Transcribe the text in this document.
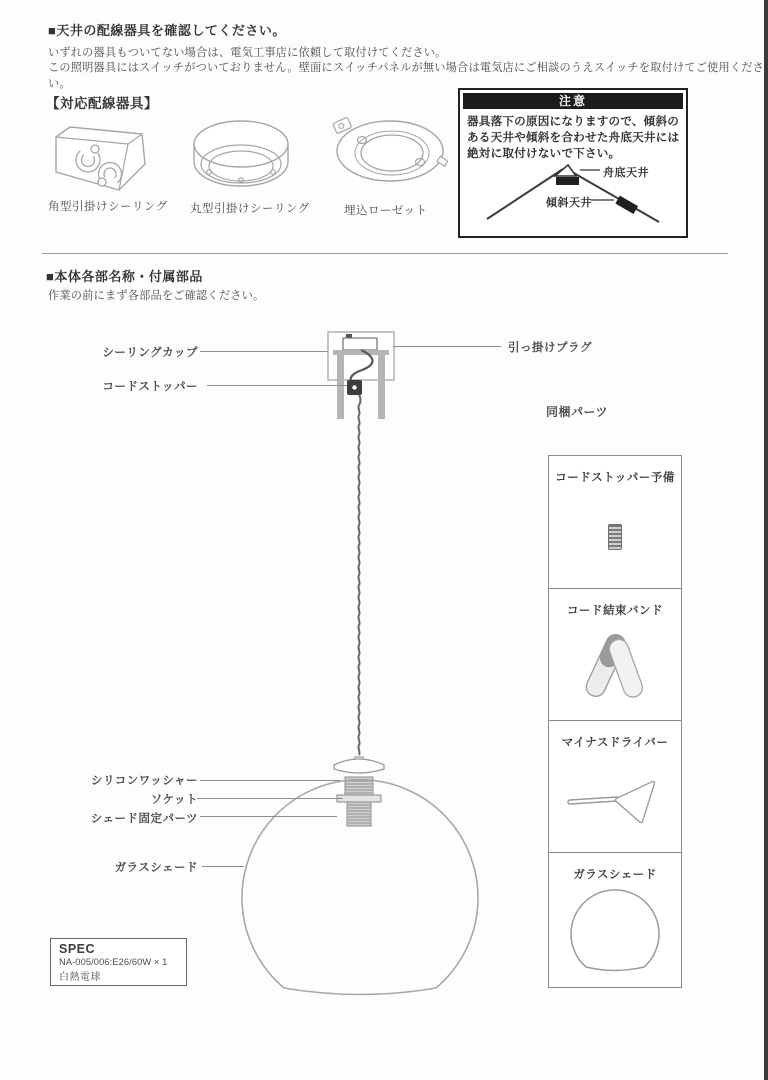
■天井の配線器具を確認してください。
いずれの器具もついてない場合は、電気工事店に依頼して取付けてください。
この照明器具にはスイッチがついておりません。壁面にスイッチパネルが無い場合は電気店にご相談のうえスイッチを取付けてご使用ください。
【対応配線器具】
角型引掛けシーリング 丸型引掛けシーリング	埋込ローゼット
注意
器具落下の原因になりますので、傾斜のある天井や傾斜を合わせた舟底天井には絶対に取付けないで下さい。
舟底天井
傾斜天井
■本体各部名称・付属部品
作業の前にまず各部品をご確認ください。
シーリングカップ
コードストッパー
引っ掛けプラグ
シリコンワッシャー
ソケット
シェード固定パーツ
ガラスシェード
同梱パーツ
コードストッパー予備
コード結束バンド
マイナスドライバー
ガラスシェード
SPEC
NA-005/006:E26/60W × 1
白熱電球
